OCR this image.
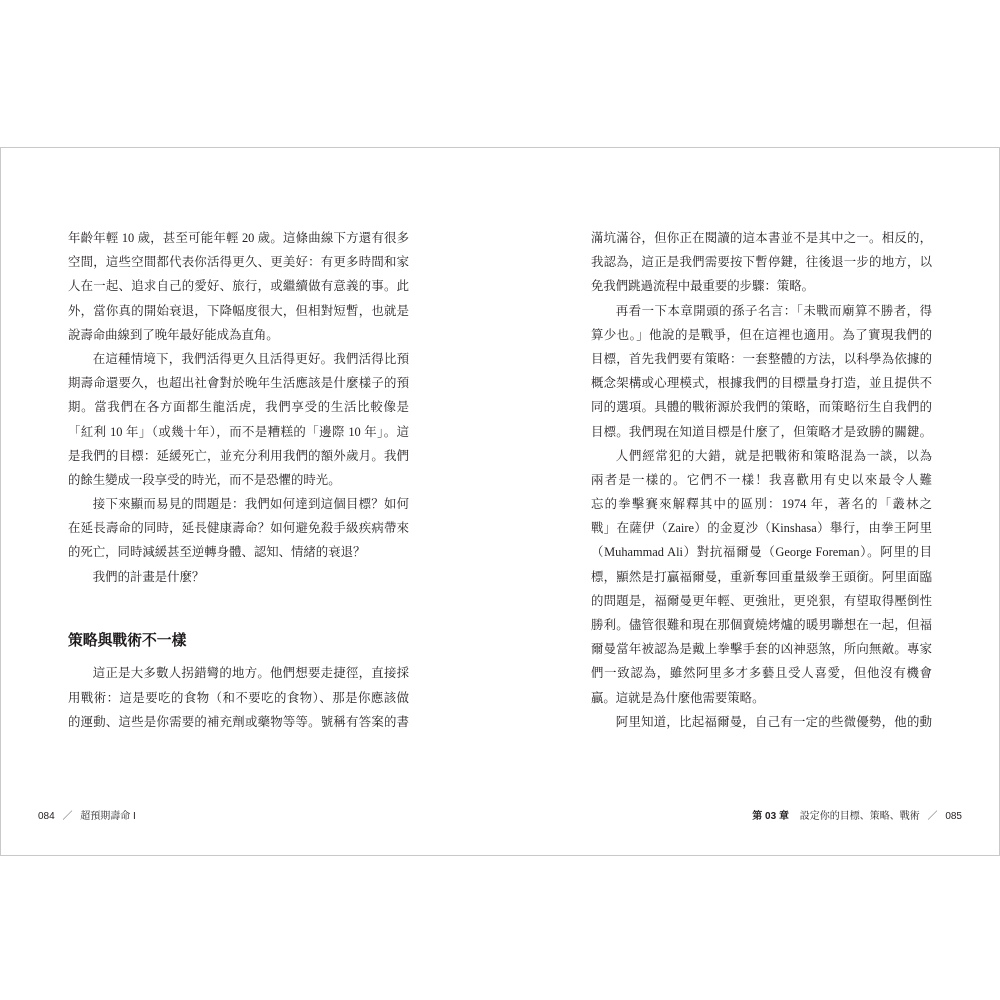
年齡年輕 10 歲，甚至可能年輕 20 歲。這條曲線下方還有很多
空間，這些空間都代表你活得更久、更美好：有更多時間和家
人在一起、追求自己的愛好、旅行，或繼續做有意義的事。此
外，當你真的開始衰退，下降幅度很大，但相對短暫，也就是
說壽命曲線到了晚年最好能成為直角。
在這種情境下，我們活得更久且活得更好。我們活得比預
期壽命還要久，也超出社會對於晚年生活應該是什麼樣子的預
期。當我們在各方面都生龍活虎，我們享受的生活比較像是
「紅利 10 年」（或幾十年），而不是糟糕的「邊際 10 年」。這
是我們的目標：延緩死亡，並充分利用我們的額外歲月。我們
的餘生變成一段享受的時光，而不是恐懼的時光。
接下來顯而易見的問題是：我們如何達到這個目標？如何
在延長壽命的同時，延長健康壽命？如何避免殺手級疾病帶來
的死亡，同時減緩甚至逆轉身體、認知、情緒的衰退？
我們的計畫是什麼？
策略與戰術不一樣
這正是大多數人拐錯彎的地方。他們想要走捷徑，直接採
用戰術：這是要吃的食物（和不要吃的食物）、那是你應該做
的運動、這些是你需要的補充劑或藥物等等。號稱有答案的書
084 ／ 超預期壽命 I
滿坑滿谷，但你正在閱讀的這本書並不是其中之一。相反的，
我認為，這正是我們需要按下暫停鍵，往後退一步的地方，以
免我們跳過流程中最重要的步驟：策略。
再看一下本章開頭的孫子名言：「未戰而廟算不勝者，得
算少也。」他說的是戰爭，但在這裡也適用。為了實現我們的
目標，首先我們要有策略：一套整體的方法，以科學為依據的
概念架構或心理模式，根據我們的目標量身打造，並且提供不
同的選項。具體的戰術源於我們的策略，而策略衍生自我們的
目標。我們現在知道目標是什麼了，但策略才是致勝的關鍵。
人們經常犯的大錯，就是把戰術和策略混為一談，以為
兩者是一樣的。它們不一樣！我喜歡用有史以來最令人難
忘的拳擊賽來解釋其中的區別：1974 年，著名的「叢林之
戰」在薩伊（Zaire）的金夏沙（Kinshasa）舉行，由拳王阿里
（Muhammad Ali）對抗福爾曼（George Foreman）。阿里的目
標，顯然是打贏福爾曼，重新奪回重量級拳王頭銜。阿里面臨
的問題是，福爾曼更年輕、更強壯，更兇狠，有望取得壓倒性
勝利。儘管很難和現在那個賣燒烤爐的暖男聯想在一起，但福
爾曼當年被認為是戴上拳擊手套的凶神惡煞，所向無敵。專家
們一致認為，雖然阿里多才多藝且受人喜愛，但他沒有機會
贏。這就是為什麼他需要策略。
阿里知道，比起福爾曼，自己有一定的些微優勢，他的動
第 03 章 設定你的目標、策略、戰術 ／ 085
